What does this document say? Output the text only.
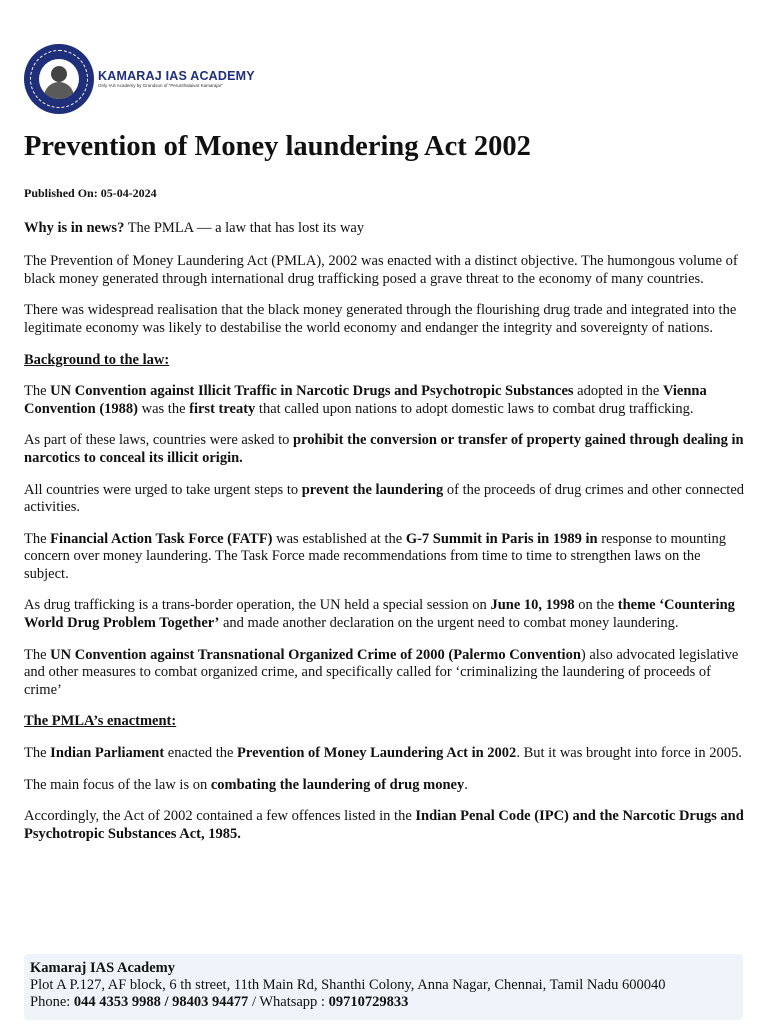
KAMARAJ IAS ACADEMY
Only IAS Academy by Grandson of "Perunthalaivar Kamarajar"
Prevention of Money laundering Act 2002
Published On: 05-04-2024

Why is in news? The PMLA — a law that has lost its way

The Prevention of Money Laundering Act (PMLA), 2002 was enacted with a distinct objective. The humongous volume of black money generated through international drug trafficking posed a grave threat to the economy of many countries.

There was widespread realisation that the black money generated through the flourishing drug trade and integrated into the legitimate economy was likely to destabilise the world economy and endanger the integrity and sovereignty of nations.

Background to the law:

The UN Convention against Illicit Traffic in Narcotic Drugs and Psychotropic Substances adopted in the Vienna Convention (1988) was the first treaty that called upon nations to adopt domestic laws to combat drug trafficking.

As part of these laws, countries were asked to prohibit the conversion or transfer of property gained through dealing in narcotics to conceal its illicit origin.

All countries were urged to take urgent steps to prevent the laundering of the proceeds of drug crimes and other connected activities.

The Financial Action Task Force (FATF) was established at the G-7 Summit in Paris in 1989 in response to mounting concern over money laundering. The Task Force made recommendations from time to time to strengthen laws on the subject.

As drug trafficking is a trans-border operation, the UN held a special session on June 10, 1998 on the theme ‘Countering World Drug Problem Together’ and made another declaration on the urgent need to combat money laundering.

The UN Convention against Transnational Organized Crime of 2000 (Palermo Convention) also advocated legislative and other measures to combat organized crime, and specifically called for ‘criminalizing the laundering of proceeds of crime’

The PMLA’s enactment:

The Indian Parliament enacted the Prevention of Money Laundering Act in 2002. But it was brought into force in 2005.

The main focus of the law is on combating the laundering of drug money.

Accordingly, the Act of 2002 contained a few offences listed in the Indian Penal Code (IPC) and the Narcotic Drugs and Psychotropic Substances Act, 1985.

Kamaraj IAS Academy
Plot A P.127, AF block, 6 th street, 11th Main Rd, Shanthi Colony, Anna Nagar, Chennai, Tamil Nadu 600040
Phone: 044 4353 9988 / 98403 94477 / Whatsapp : 09710729833
